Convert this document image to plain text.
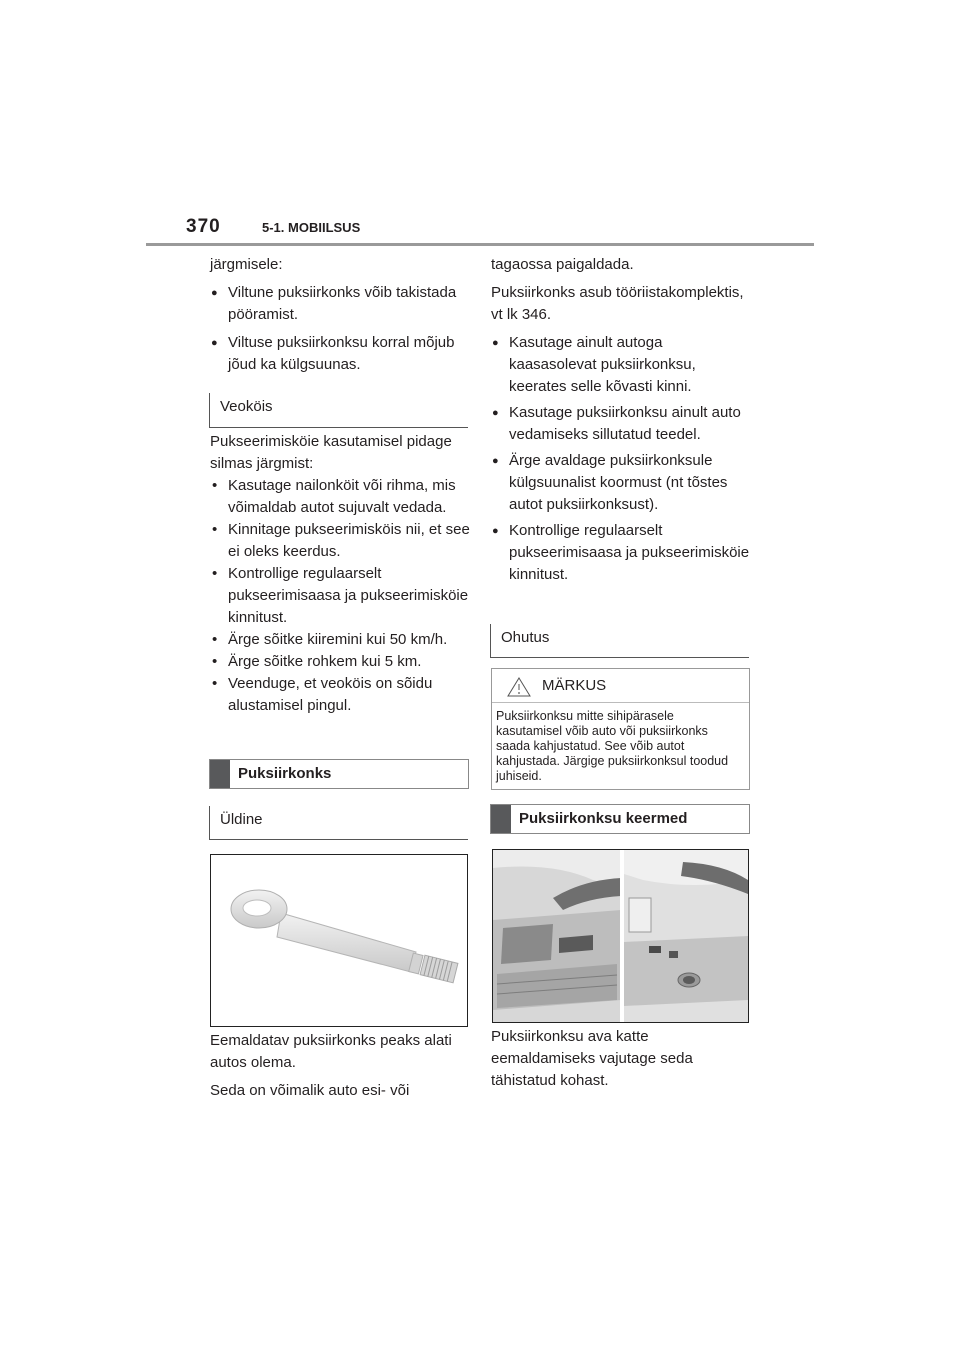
370	5-1. MOBIILSUS

järgmisele:

● Viltune puksiirkonks võib takistada pööramist.

● Viltuse puksiirkonksu korral mõjub jõud ka külgsuunas.

Veoköis

Pukseerimisköie kasutamisel pidage silmas järgmist:

• Kasutage nailonköit või rihma, mis võimaldab autot sujuvalt vedada.

• Kinnitage pukseerimisköis nii, et see ei oleks keerdus.

• Kontrollige regulaarselt pukseerimisaasa ja pukseerimisköie kinnitust.

• Ärge sõitke kiiremini kui 50 km/h.

• Ärge sõitke rohkem kui 5 km.

• Veenduge, et veoköis on sõidu alustamisel pingul.

Puksiirkonks
Üldine

Eemaldatav puksiirkonks peaks alati autos olema.

Seda on võimalik auto esi- või

tagaossa paigaldada.

Puksiirkonks asub tööriistakomplektis, vt lk 346.

● Kasutage ainult autoga kaasasolevat puksiirkonksu, keerates selle kõvasti kinni.

● Kasutage puksiirkonksu ainult auto vedamiseks sillutatud teedel.

● Ärge avaldage puksiirkonksule külgsuunalist koormust (nt tõstes autot puksiirkonksust).

● Kontrollige regulaarselt pukseerimisaasa ja pukseerimisköie kinnitust.

Ohutus
MÄRKUS
Puksiirkonksu mitte sihipärasele kasutamisel võib auto või puksiirkonks saada kahjustatud. See võib autot kahjustada. Järgige puksiirkonksul toodud juhiseid.
Puksiirkonksu keermed

Puksiirkonksu ava katte eemaldamiseks vajutage seda tähistatud kohast.
